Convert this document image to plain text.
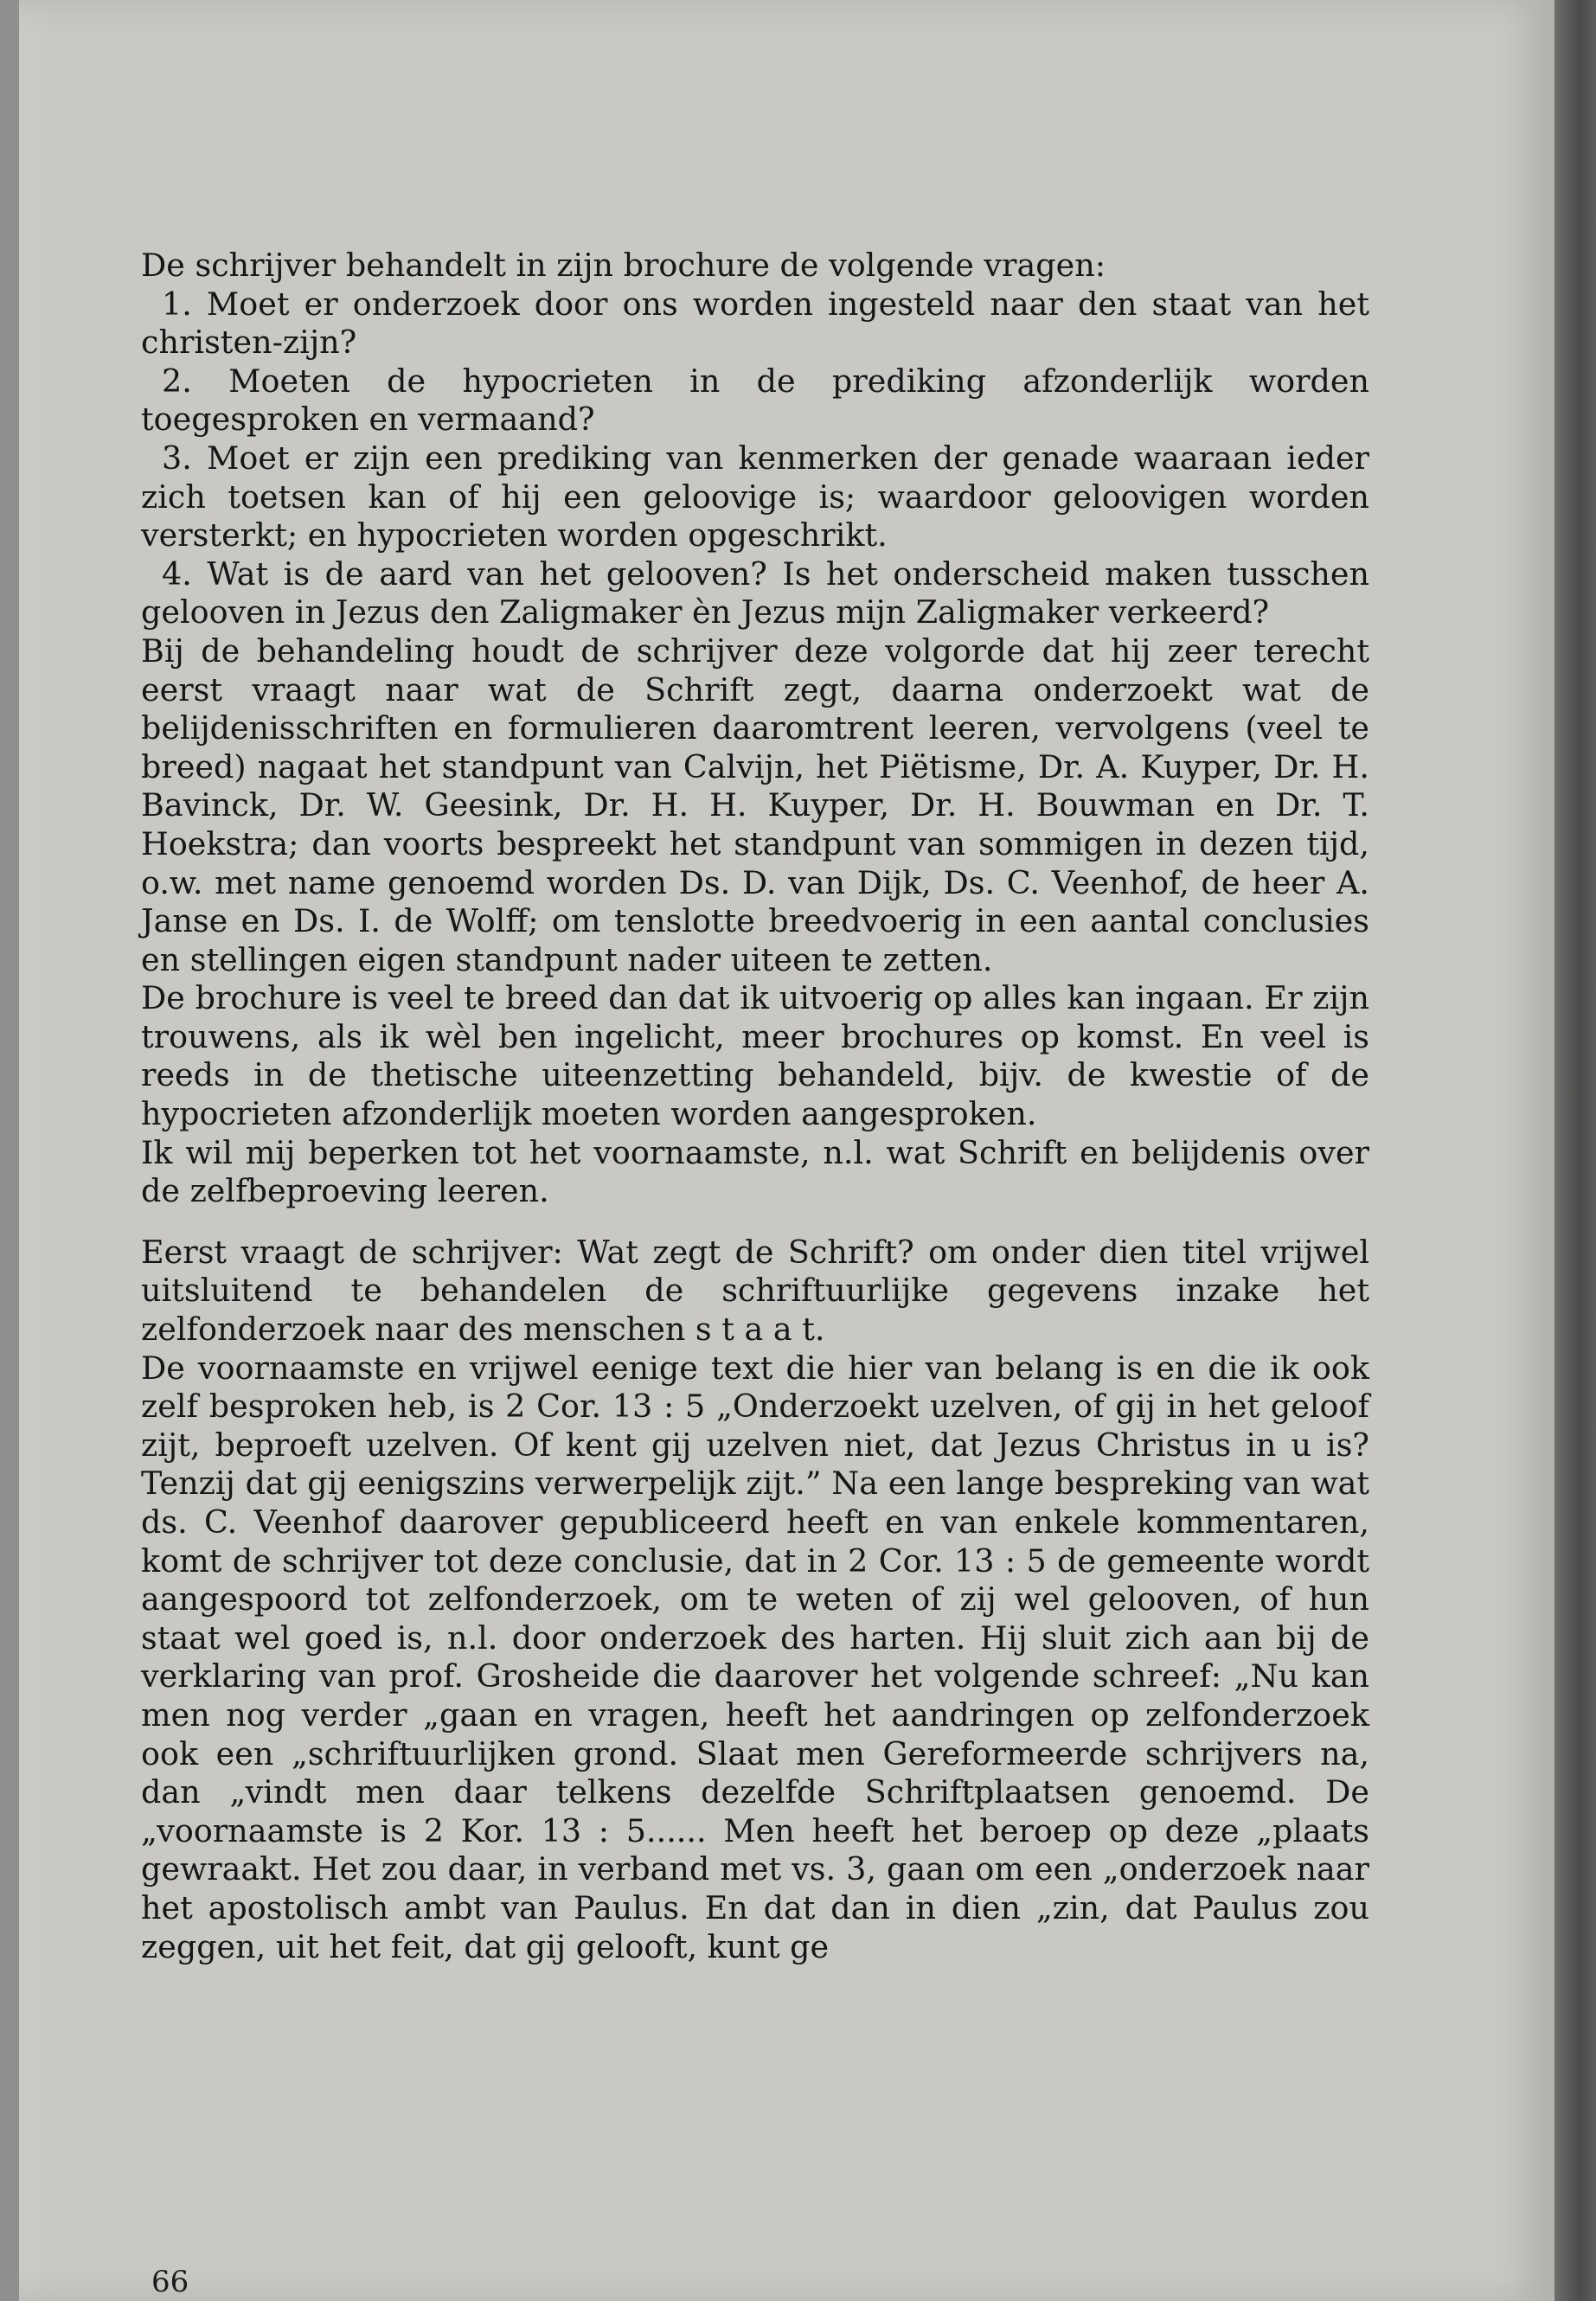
De schrijver behandelt in zijn brochure de volgende vragen:

1. Moet er onderzoek door ons worden ingesteld naar den staat van het christen-zijn?

2. Moeten de hypocrieten in de prediking afzonderlijk worden toegesproken en vermaand?

3. Moet er zijn een prediking van kenmerken der genade waaraan ieder zich toetsen kan of hij een geloovige is; waardoor geloovigen worden versterkt; en hypocrieten worden opgeschrikt.

4. Wat is de aard van het gelooven? Is het onderscheid maken tusschen gelooven in Jezus den Zaligmaker èn Jezus mijn Zaligmaker verkeerd?

Bij de behandeling houdt de schrijver deze volgorde dat hij zeer terecht eerst vraagt naar wat de Schrift zegt, daarna onderzoekt wat de belijdenisschriften en formulieren daaromtrent leeren, vervolgens (veel te breed) nagaat het standpunt van Calvijn, het Piëtisme, Dr. A. Kuyper, Dr. H. Bavinck, Dr. W. Geesink, Dr. H. H. Kuyper, Dr. H. Bouwman en Dr. T. Hoekstra; dan voorts bespreekt het standpunt van sommigen in dezen tijd, o.w. met name genoemd worden Ds. D. van Dijk, Ds. C. Veenhof, de heer A. Janse en Ds. I. de Wolff; om tenslotte breedvoerig in een aantal conclusies en stellingen eigen standpunt nader uiteen te zetten.

De brochure is veel te breed dan dat ik uitvoerig op alles kan ingaan. Er zijn trouwens, als ik wèl ben ingelicht, meer brochures op komst. En veel is reeds in de thetische uiteenzetting behandeld, bijv. de kwestie of de hypocrieten afzonderlijk moeten worden aangesproken.

Ik wil mij beperken tot het voornaamste, n.l. wat Schrift en belijdenis over de zelfbeproeving leeren.

Eerst vraagt de schrijver: Wat zegt de Schrift? om onder dien titel vrijwel uitsluitend te behandelen de schriftuurlijke gegevens inzake het zelfonderzoek naar des menschen s t a a t.

De voornaamste en vrijwel eenige text die hier van belang is en die ik ook zelf besproken heb, is 2 Cor. 13 : 5 „Onderzoekt uzelven, of gij in het geloof zijt, beproeft uzelven. Of kent gij uzelven niet, dat Jezus Christus in u is? Tenzij dat gij eenigszins verwerpelijk zijt.” Na een lange bespreking van wat ds. C. Veenhof daarover gepubliceerd heeft en van enkele kommentaren, komt de schrijver tot deze conclusie, dat in 2 Cor. 13 : 5 de gemeente wordt aangespoord tot zelfonderzoek, om te weten of zij wel gelooven, of hun staat wel goed is, n.l. door onderzoek des harten. Hij sluit zich aan bij de verklaring van prof. Grosheide die daarover het volgende schreef: „Nu kan men nog verder „gaan en vragen, heeft het aandringen op zelfonderzoek ook een „schriftuurlijken grond. Slaat men Gereformeerde schrijvers na, dan „vindt men daar telkens dezelfde Schriftplaatsen genoemd. De „voornaamste is 2 Kor. 13 : 5...... Men heeft het beroep op deze „plaats gewraakt. Het zou daar, in verband met vs. 3, gaan om een „onderzoek naar het apostolisch ambt van Paulus. En dat dan in dien „zin, dat Paulus zou zeggen, uit het feit, dat gij gelooft, kunt ge

66
